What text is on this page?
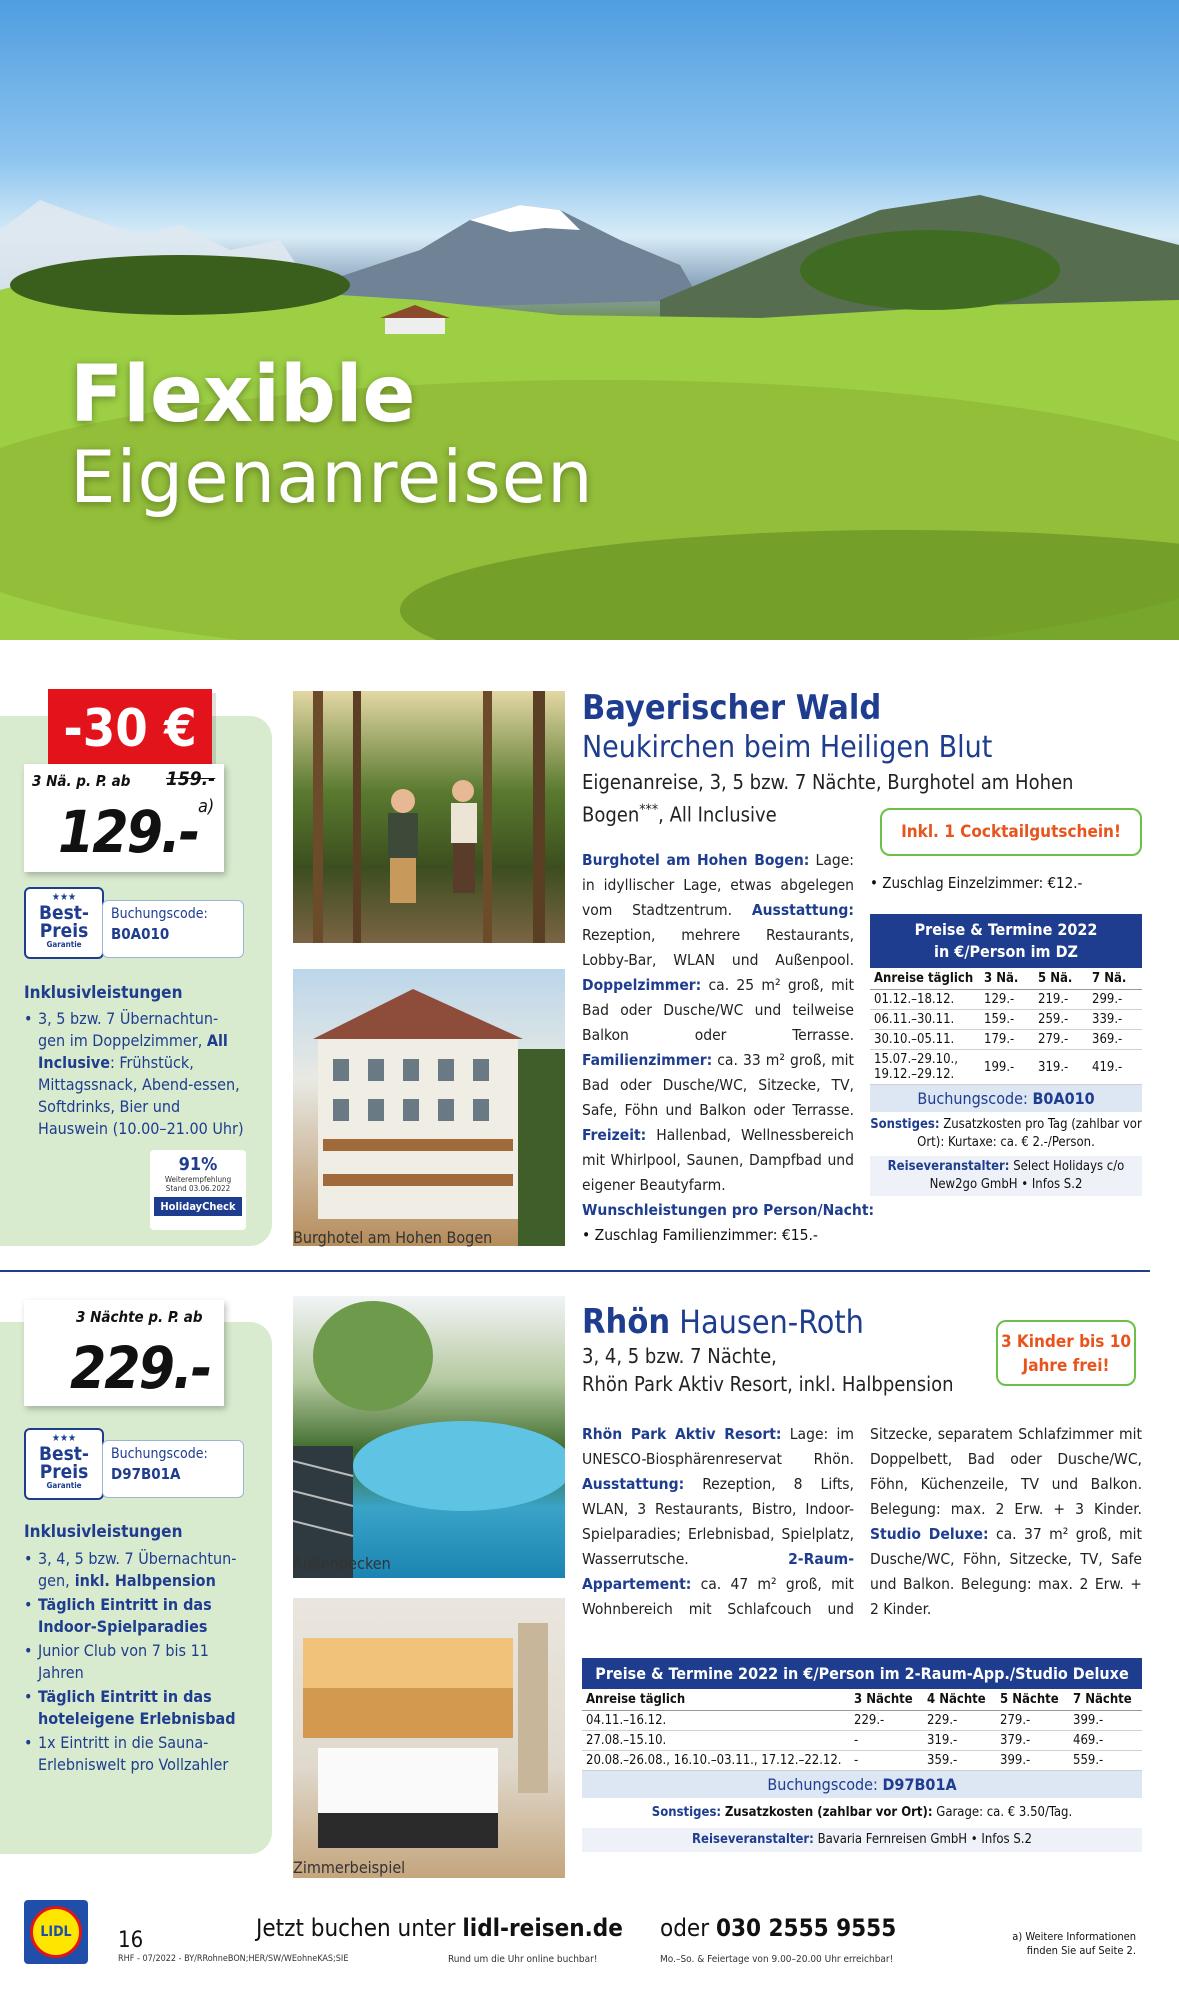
Flexible
Eigenanreisen
-30 €
3 Nä. p. P. ab 159.-
129.- a)
★★★
Best-
Preis
Garantie
Buchungscode:
B0A010
Inklusivleistungen
• 3, 5 bzw. 7 Übernachtun-gen im Doppelzimmer, All Inclusive: Frühstück, Mittagssnack, Abend-essen, Softdrinks, Bier und Hauswein (10.00–21.00 Uhr)
91%
Weiterempfehlung
Stand 03.06.2022
HolidayCheck
Burghotel am Hohen Bogen
Bayerischer Wald
Neukirchen beim Heiligen Blut
Eigenanreise, 3, 5 bzw. 7 Nächte, Burghotel am Hohen
Bogen***, All Inclusive
Inkl. 1 Cocktailgutschein!
Burghotel am Hohen Bogen: Lage: in idyllischer Lage, etwas abgelegen vom Stadtzentrum. Ausstattung: Rezeption, mehrere Restaurants, Lobby-Bar, WLAN und Außenpool. Doppelzimmer: ca. 25 m² groß, mit Bad oder Dusche/WC und teilweise Balkon oder Terrasse. Familienzimmer: ca. 33 m² groß, mit Bad oder Dusche/WC, Sitzecke, TV, Safe, Föhn und Balkon oder Terrasse. Freizeit: Hallenbad, Wellnessbereich mit Whirlpool, Saunen, Dampfbad und eigener Beautyfarm.
Wunschleistungen pro Person/Nacht:
• Zuschlag Familienzimmer: €15.-
• Zuschlag Einzelzimmer: €12.-
Preise & Termine 2022
in €/Person im DZ
Anreise täglich	3 Nä.	5 Nä.	7 Nä.
01.12.–18.12.	129.-	219.-	299.-
06.11.–30.11.	159.-	259.-	339.-
30.10.–05.11.	179.-	279.-	369.-
15.07.–29.10., 19.12.–29.12.	199.-	319.-	419.-
Buchungscode: B0A010
Sonstiges: Zusatzkosten pro Tag (zahlbar vor Ort): Kurtaxe: ca. € 2.-/Person.
Reiseveranstalter: Select Holidays c/o New2go GmbH • Infos S.2
3 Nächte p. P. ab
229.-
★★★
Best-
Preis
Garantie
Buchungscode:
D97B01A
Inklusivleistungen
• 3, 4, 5 bzw. 7 Übernachtun-gen, inkl. Halbpension
• Täglich Eintritt in das Indoor-Spielparadies
• Junior Club von 7 bis 11 Jahren
• Täglich Eintritt in das hoteleigene Erlebnisbad
• 1x Eintritt in die Sauna-Erlebniswelt pro Vollzahler
Außenbecken
Zimmerbeispiel
Rhön Hausen-Roth
3, 4, 5 bzw. 7 Nächte,
Rhön Park Aktiv Resort, inkl. Halbpension
3 Kinder bis 10 Jahre frei!
Rhön Park Aktiv Resort: Lage: im UNESCO-Biosphärenreservat Rhön. Ausstattung: Rezeption, 8 Lifts, WLAN, 3 Restaurants, Bistro, Indoor-Spielparadies; Erlebnisbad, Spielplatz, Wasserrutsche. 2-Raum-Appartement: ca. 47 m² groß, mit Wohnbereich mit Schlafcouch und Sitzecke, separatem Schlafzimmer mit Doppelbett, Bad oder Dusche/WC, Föhn, Küchenzeile, TV und Balkon. Belegung: max. 2 Erw. + 3 Kinder. Studio Deluxe: ca. 37 m² groß, mit Dusche/WC, Föhn, Sitzecke, TV, Safe und Balkon. Belegung: max. 2 Erw. + 2 Kinder.
Preise & Termine 2022 in €/Person im 2-Raum-App./Studio Deluxe
Anreise täglich	3 Nächte	4 Nächte	5 Nächte	7 Nächte
04.11.–16.12.	229.-	229.-	279.-	399.-
27.08.–15.10.	-	319.-	379.-	469.-
20.08.–26.08., 16.10.–03.11., 17.12.–22.12.	-	359.-	399.-	559.-
Buchungscode: D97B01A
Sonstiges: Zusatzkosten (zahlbar vor Ort): Garage: ca. € 3.50/Tag.
Reiseveranstalter: Bavaria Fernreisen GmbH • Infos S.2
LIDL	16	Jetzt buchen unter lidl-reisen.de oder 030 2555 9555
RHF - 07/2022 - BY/RRohneBON;HER/SW/WEohneKAS;SIE	Rund um die Uhr online buchbar!	Mo.–So. & Feiertage von 9.00–20.00 Uhr erreichbar!
a) Weitere Informationen
finden Sie auf Seite 2.
